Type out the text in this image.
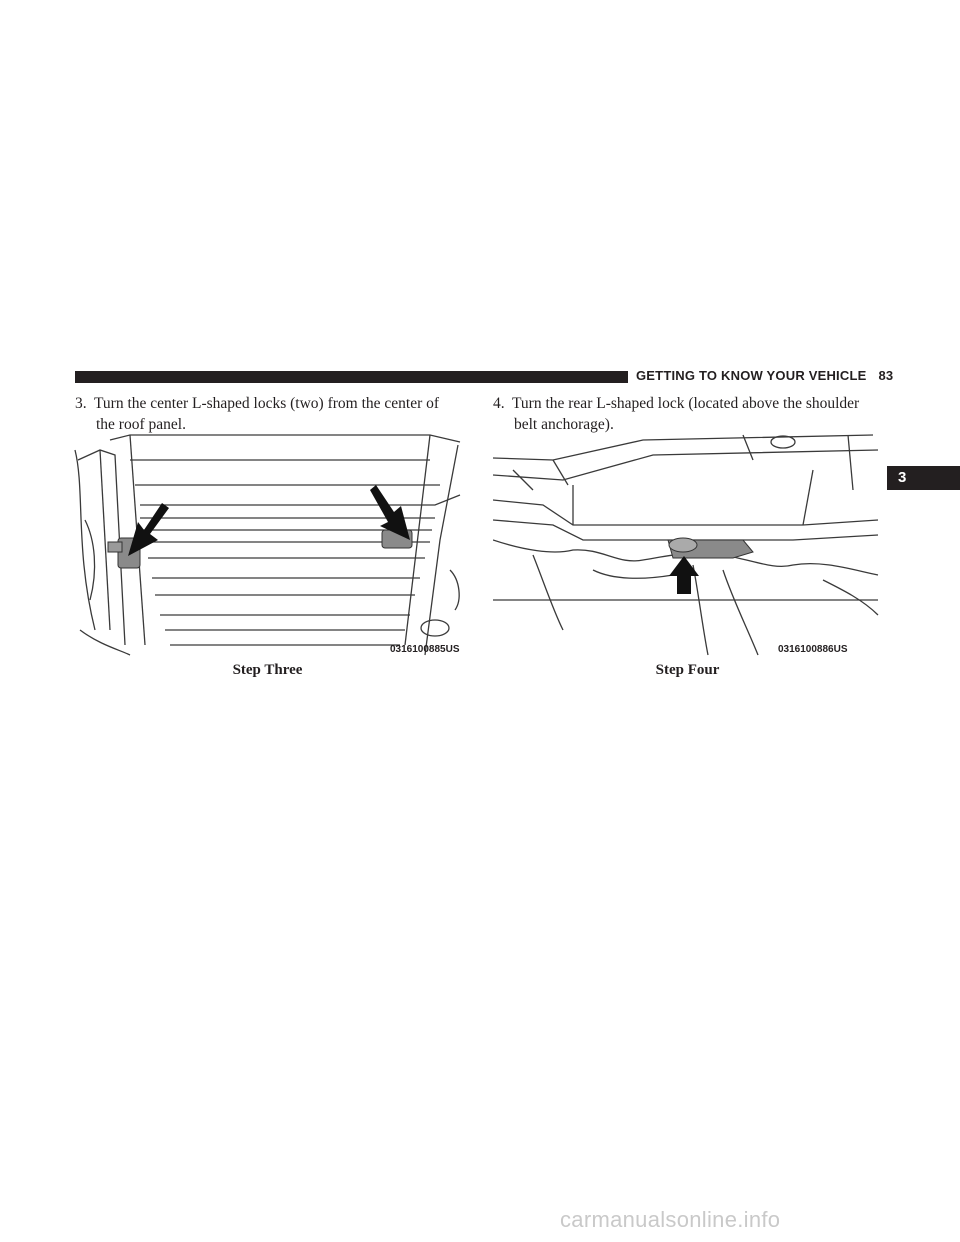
GETTING TO KNOW YOUR VEHICLE 83
3
3. Turn the center L-shaped locks (two) from the center of
the roof panel.
4. Turn the rear L-shaped lock (located above the shoulder
belt anchorage).
0316100885US
Step Three
0316100886US
Step Four
carmanualsonline.info
